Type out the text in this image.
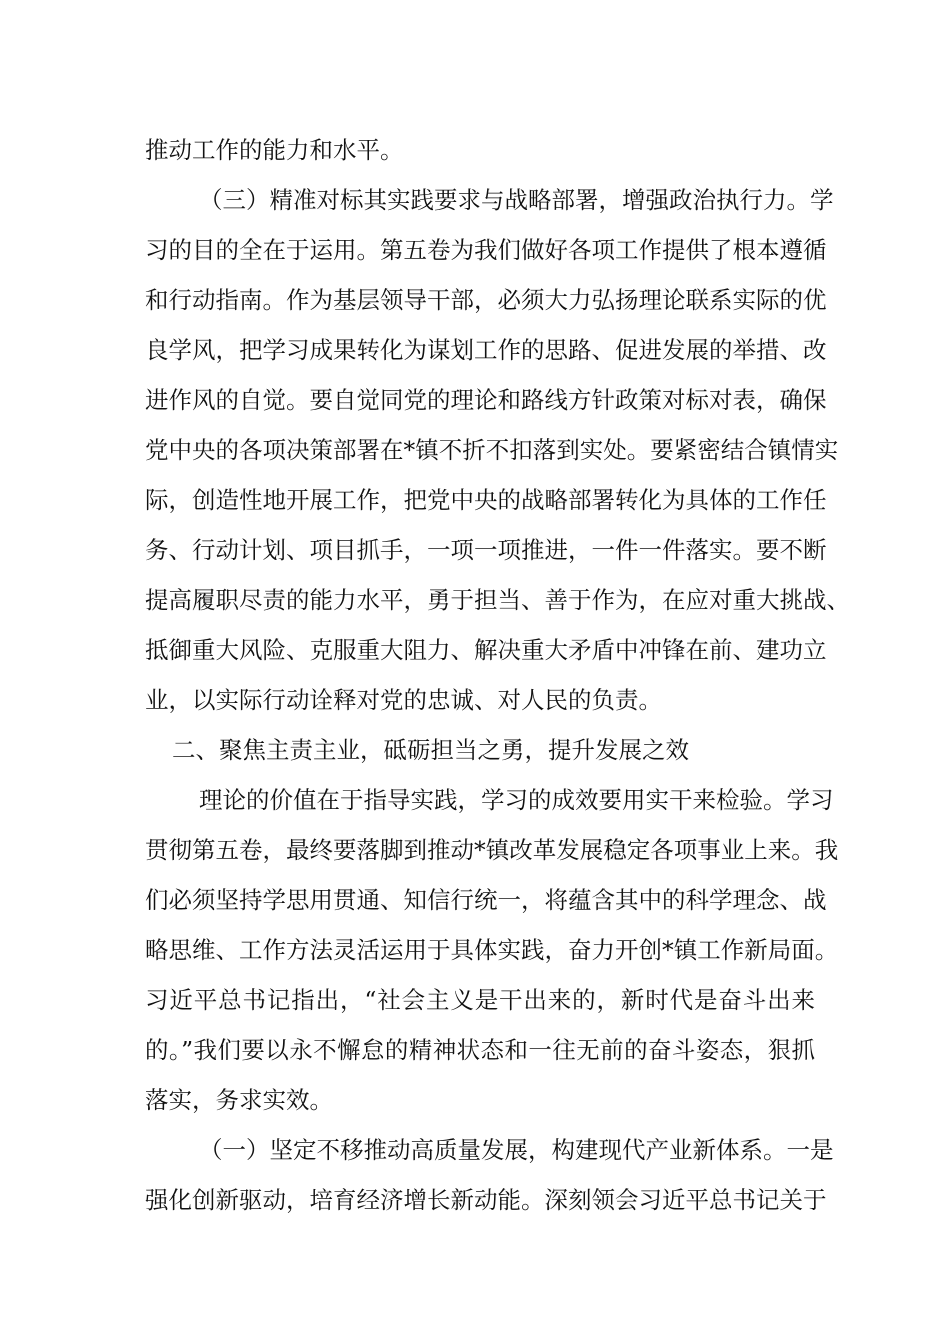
推动工作的能力和水平。
（三）精准对标其实践要求与战略部署，增强政治执行力。学
习的目的全在于运用。第五卷为我们做好各项工作提供了根本遵循
和行动指南。作为基层领导干部，必须大力弘扬理论联系实际的优
良学风，把学习成果转化为谋划工作的思路、促进发展的举措、改
进作风的自觉。要自觉同党的理论和路线方针政策对标对表，确保
党中央的各项决策部署在*镇不折不扣落到实处。要紧密结合镇情实
际，创造性地开展工作，把党中央的战略部署转化为具体的工作任
务、行动计划、项目抓手，一项一项推进，一件一件落实。要不断
提高履职尽责的能力水平，勇于担当、善于作为，在应对重大挑战、
抵御重大风险、克服重大阻力、解决重大矛盾中冲锋在前、建功立
业，以实际行动诠释对党的忠诚、对人民的负责。
二、聚焦主责主业，砥砺担当之勇，提升发展之效
理论的价值在于指导实践，学习的成效要用实干来检验。学习
贯彻第五卷，最终要落脚到推动*镇改革发展稳定各项事业上来。我
们必须坚持学思用贯通、知信行统一，将蕴含其中的科学理念、战
略思维、工作方法灵活运用于具体实践，奋力开创*镇工作新局面。
习近平总书记指出，“社会主义是干出来的，新时代是奋斗出来
的。”我们要以永不懈怠的精神状态和一往无前的奋斗姿态，狠抓
落实，务求实效。
（一）坚定不移推动高质量发展，构建现代产业新体系。一是
强化创新驱动，培育经济增长新动能。深刻领会习近平总书记关于
